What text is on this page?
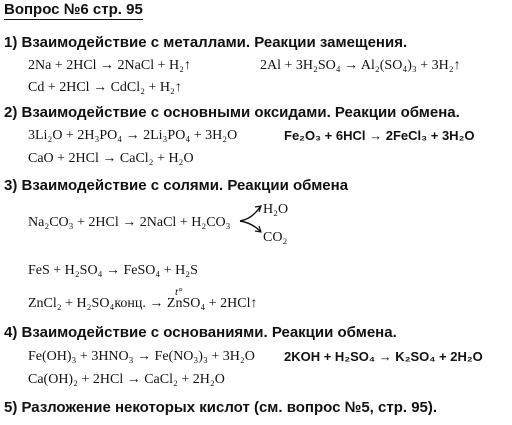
Вопрос №6 стр. 95
1) Взаимодействие с металлами. Реакции замещения.
2Na + 2HCl → 2NaCl + H₂↑	2Al + 3H₂SO₄ → Al₂(SO₄)₃ + 3H₂↑
Cd + 2HCl → CdCl₂ + H₂↑
2) Взаимодействие с основными оксидами. Реакции обмена.
3Li₂O + 2H₃PO₄ → 2Li₃PO₄ + 3H₂O	Fe₂O₃ + 6HCl → 2FeCl₃ + 3H₂O
CaO + 2HCl → CaCl₂ + H₂O
3) Взаимодействие с солями. Реакции обмена
Na₂CO₃ + 2HCl → 2NaCl + H₂CO₃
H₂O
CO₂
FeS + H₂SO₄ → FeSO₄ + H₂S
t°
ZnCl₂ + H₂SO₄конц. → ZnSO₄ + 2HCl↑
4) Взаимодействие с основаниями. Реакции обмена.
Fe(OH)₃ + 3HNO₃ → Fe(NO₃)₃ + 3H₂O 2KOH + H₂SO₄ → K₂SO₄ + 2H₂O
Ca(OH)₂ + 2HCl → CaCl₂ + 2H₂O
5) Разложение некоторых кислот (см. вопрос №5, стр. 95).
